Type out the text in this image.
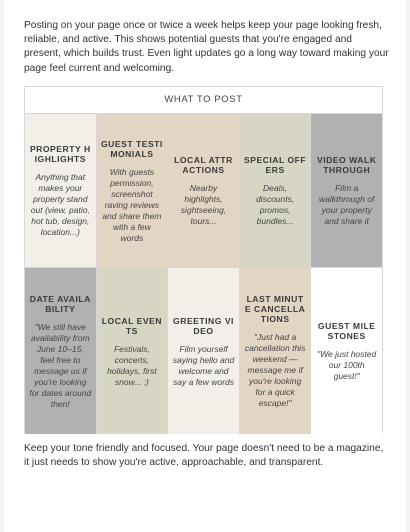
Posting on your page once or twice a week helps keep your page looking fresh, reliable, and active. This shows potential guests that you're engaged and present, which builds trust. Even light updates go a long way toward making your page feel current and welcoming.

WHAT TO POST
PROPERTY HIGHLIGHTS
Anything that makes your property stand out (view, patio, hot tub, design, location...)
GUEST TESTIMONIALS
With guests permission, screenshot raving reviews and share them with a few words
LOCAL ATTRACTIONS
Nearby highlights, sightseeing, tours...
SPECIAL OFFERS
Deals, discounts, promos, bundles...
VIDEO WALKTHROUGH
Film a walkthrough of your property and share it
DATE AVAILABILITY
"We still have availability from June 10–15, feel free to message us if you're looking for dates around then!
LOCAL EVENTS
Festivals, concerts, holidays, first snow... :)
GREETING VIDEO
Film yourself saying hello and welcome and say a few words
LAST MINUTE CANCELLATIONS
"Just had a cancellation this weekend —message me if you're looking for a quick escape!"
GUEST MILESTONES
"We just hosted our 100th guest!"

Keep your tone friendly and focused. Your page doesn't need to be a magazine, it just needs to show you're active, approachable, and transparent.
